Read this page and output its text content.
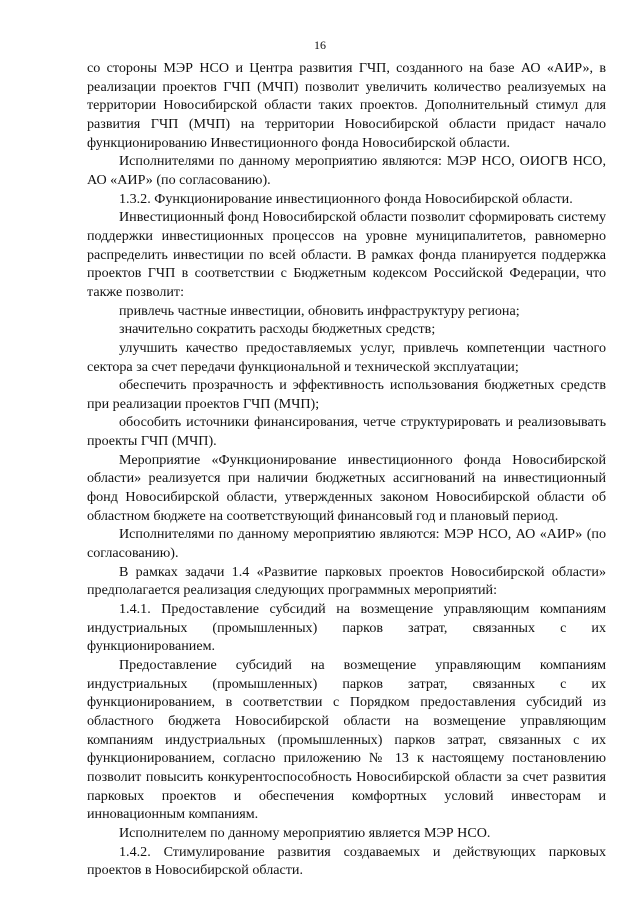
16

со стороны МЭР НСО и Центра развития ГЧП, созданного на базе АО «АИР», в реализации проектов ГЧП (МЧП) позволит увеличить количество реализуемых на территории Новосибирской области таких проектов. Дополнительный стимул для развития ГЧП (МЧП) на территории Новосибирской области придаст начало функционированию Инвестиционного фонда Новосибирской области.

Исполнителями по данному мероприятию являются: МЭР НСО, ОИОГВ НСО, АО «АИР» (по согласованию).

1.3.2. Функционирование инвестиционного фонда Новосибирской области.

Инвестиционный фонд Новосибирской области позволит сформировать систему поддержки инвестиционных процессов на уровне муниципалитетов, равномерно распределить инвестиции по всей области. В рамках фонда планируется поддержка проектов ГЧП в соответствии с Бюджетным кодексом Российской Федерации, что также позволит:

привлечь частные инвестиции, обновить инфраструктуру региона;

значительно сократить расходы бюджетных средств;

улучшить качество предоставляемых услуг, привлечь компетенции частного сектора за счет передачи функциональной и технической эксплуатации;

обеспечить прозрачность и эффективность использования бюджетных средств при реализации проектов ГЧП (МЧП);

обособить источники финансирования, четче структурировать и реализовывать проекты ГЧП (МЧП).

Мероприятие «Функционирование инвестиционного фонда Новосибирской области» реализуется при наличии бюджетных ассигнований на инвестиционный фонд Новосибирской области, утвержденных законом Новосибирской области об областном бюджете на соответствующий финансовый год и плановый период.

Исполнителями по данному мероприятию являются: МЭР НСО, АО «АИР» (по согласованию).

В рамках задачи 1.4 «Развитие парковых проектов Новосибирской области» предполагается реализация следующих программных мероприятий:

1.4.1. Предоставление субсидий на возмещение управляющим компаниям индустриальных (промышленных) парков затрат, связанных с их функционированием.

Предоставление субсидий на возмещение управляющим компаниям индустриальных (промышленных) парков затрат, связанных с их функционированием, в соответствии с Порядком предоставления субсидий из областного бюджета Новосибирской области на возмещение управляющим компаниям индустриальных (промышленных) парков затрат, связанных с их функционированием, согласно приложению № 13 к настоящему постановлению позволит повысить конкурентоспособность Новосибирской области за счет развития парковых проектов и обеспечения комфортных условий инвесторам и инновационным компаниям.

Исполнителем по данному мероприятию является МЭР НСО.

1.4.2. Стимулирование развития создаваемых и действующих парковых проектов в Новосибирской области.
